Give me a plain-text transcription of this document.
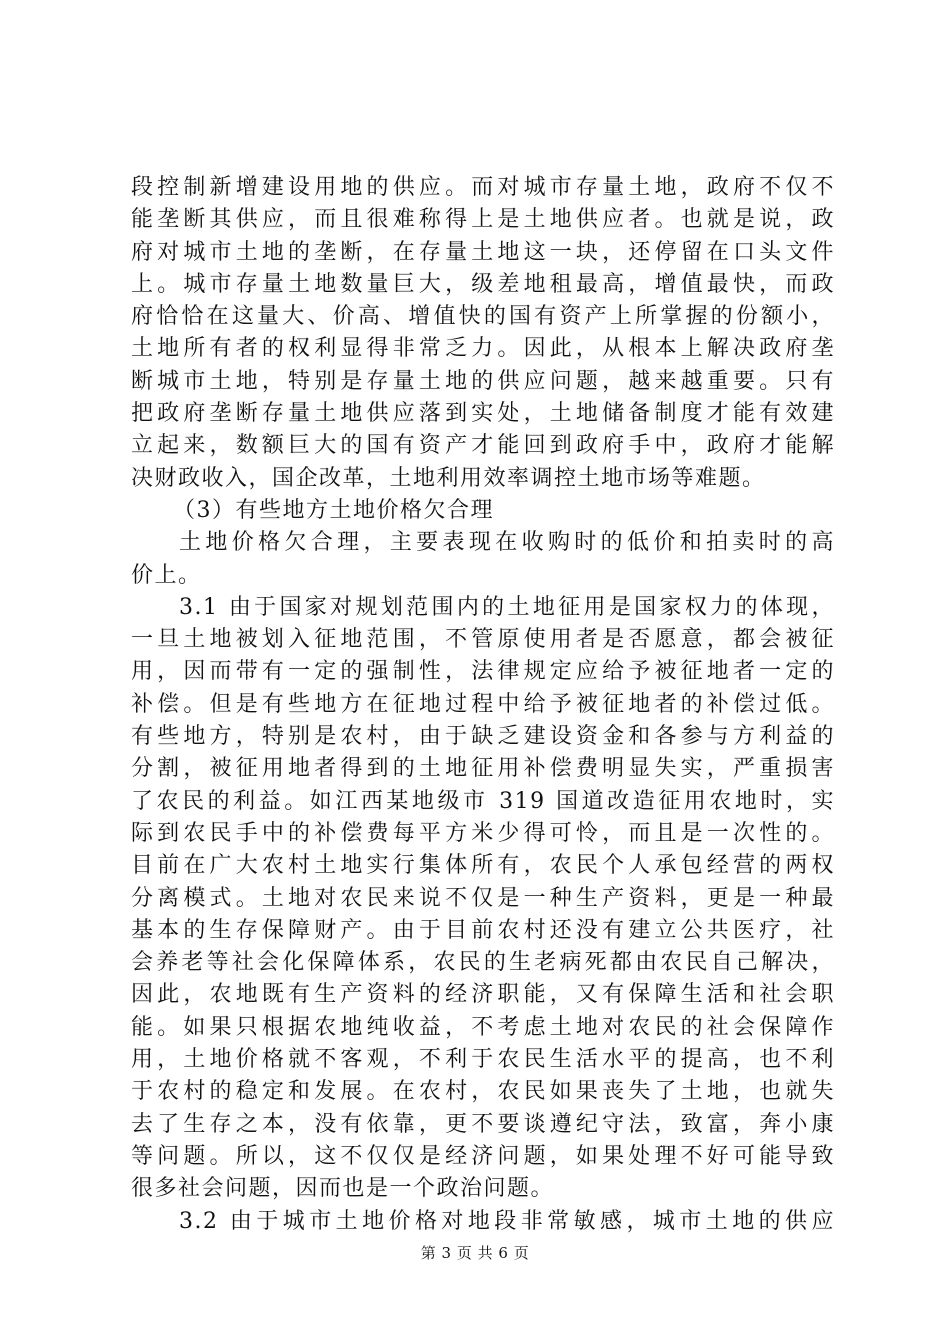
段控制新增建设用地的供应。而对城市存量土地，政府不仅不
能垄断其供应，而且很难称得上是土地供应者。也就是说，政
府对城市土地的垄断，在存量土地这一块，还停留在口头文件
上。城市存量土地数量巨大，级差地租最高，增值最快，而政
府恰恰在这量大、价高、增值快的国有资产上所掌握的份额小，
土地所有者的权利显得非常乏力。因此，从根本上解决政府垄
断城市土地，特别是存量土地的供应问题，越来越重要。只有
把政府垄断存量土地供应落到实处，土地储备制度才能有效建
立起来，数额巨大的国有资产才能回到政府手中，政府才能解
决财政收入，国企改革，土地利用效率调控土地市场等难题。
（3）有些地方土地价格欠合理
土地价格欠合理，主要表现在收购时的低价和拍卖时的高
价上。
3.1 由于国家对规划范围内的土地征用是国家权力的体现，
一旦土地被划入征地范围，不管原使用者是否愿意，都会被征
用，因而带有一定的强制性，法律规定应给予被征地者一定的
补偿。但是有些地方在征地过程中给予被征地者的补偿过低。
有些地方，特别是农村，由于缺乏建设资金和各参与方利益的
分割，被征用地者得到的土地征用补偿费明显失实，严重损害
了农民的利益。如江西某地级市 319 国道改造征用农地时，实
际到农民手中的补偿费每平方米少得可怜，而且是一次性的。
目前在广大农村土地实行集体所有，农民个人承包经营的两权
分离模式。土地对农民来说不仅是一种生产资料，更是一种最
基本的生存保障财产。由于目前农村还没有建立公共医疗，社
会养老等社会化保障体系，农民的生老病死都由农民自己解决，
因此，农地既有生产资料的经济职能，又有保障生活和社会职
能。如果只根据农地纯收益，不考虑土地对农民的社会保障作
用，土地价格就不客观，不利于农民生活水平的提高，也不利
于农村的稳定和发展。在农村，农民如果丧失了土地，也就失
去了生存之本，没有依靠，更不要谈遵纪守法，致富，奔小康
等问题。所以，这不仅仅是经济问题，如果处理不好可能导致
很多社会问题，因而也是一个政治问题。
3.2 由于城市土地价格对地段非常敏感，城市土地的供应
第 3 页 共 6 页
